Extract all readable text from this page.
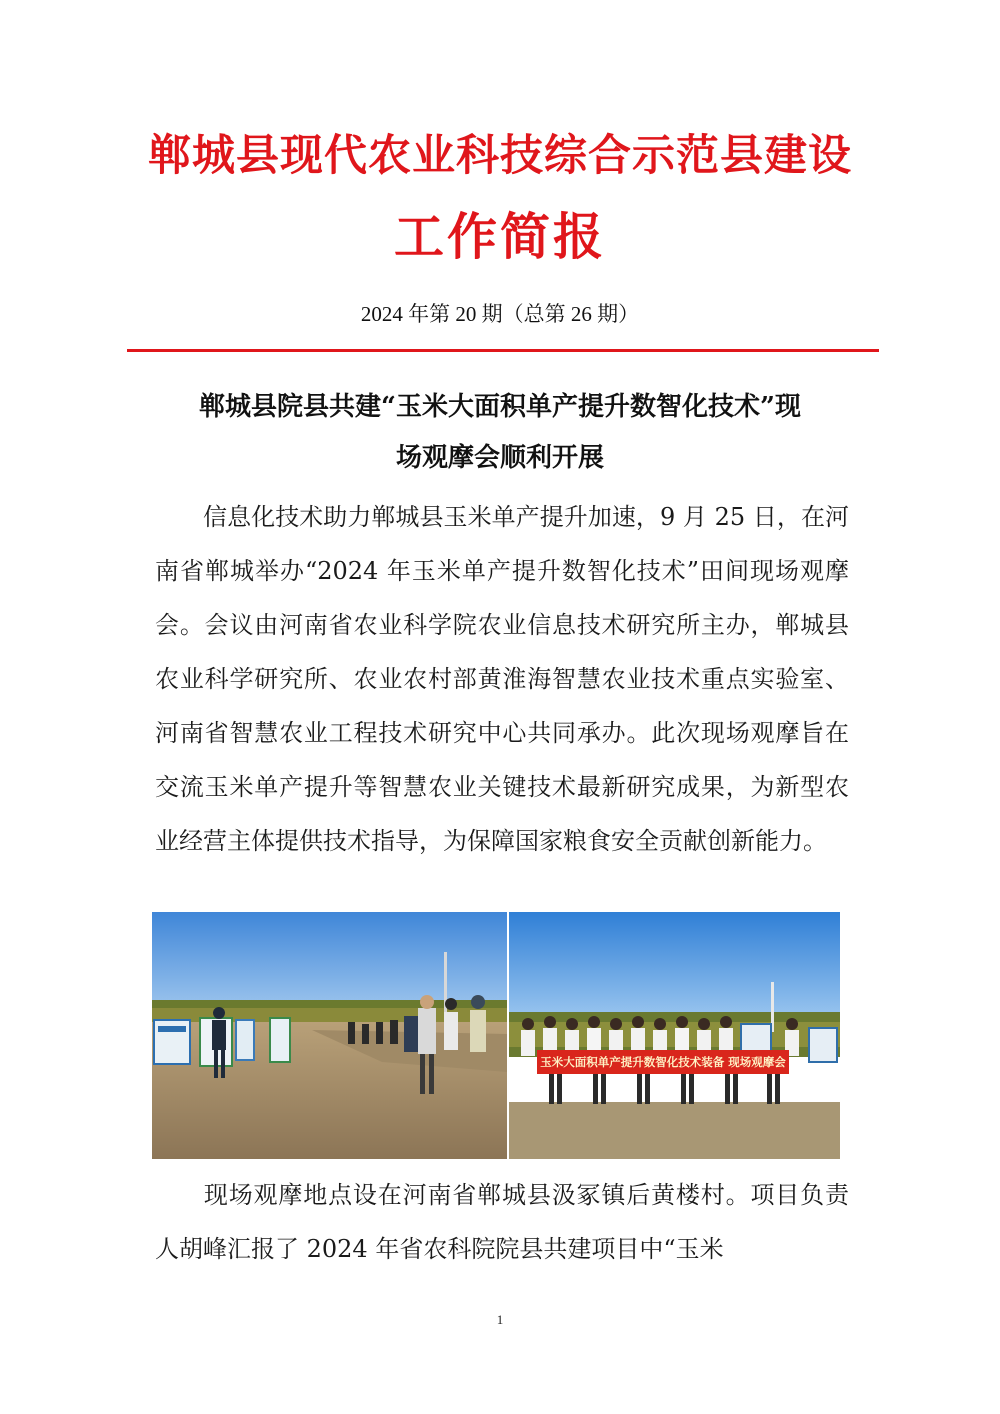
郸城县现代农业科技综合示范县建设
工作简报
2024 年第 20 期（总第 26 期）
郸城县院县共建“玉米大面积单产提升数智化技术”现
场观摩会顺利开展
信息化技术助力郸城县玉米单产提升加速，9 月 25 日，在河南省郸城举办“2024 年玉米单产提升数智化技术”田间现场观摩会。会议由河南省农业科学院农业信息技术研究所主办，郸城县农业科学研究所、农业农村部黄淮海智慧农业技术重点实验室、河南省智慧农业工程技术研究中心共同承办。此次现场观摩旨在交流玉米单产提升等智慧农业关键技术最新研究成果，为新型农业经营主体提供技术指导，为保障国家粮食安全贡献创新能力。
玉米大面积单产提升数智化技术装备 现场观摩会
现场观摩地点设在河南省郸城县汲冢镇后黄楼村。项目负责人胡峰汇报了 2024 年省农科院院县共建项目中“玉米
1
